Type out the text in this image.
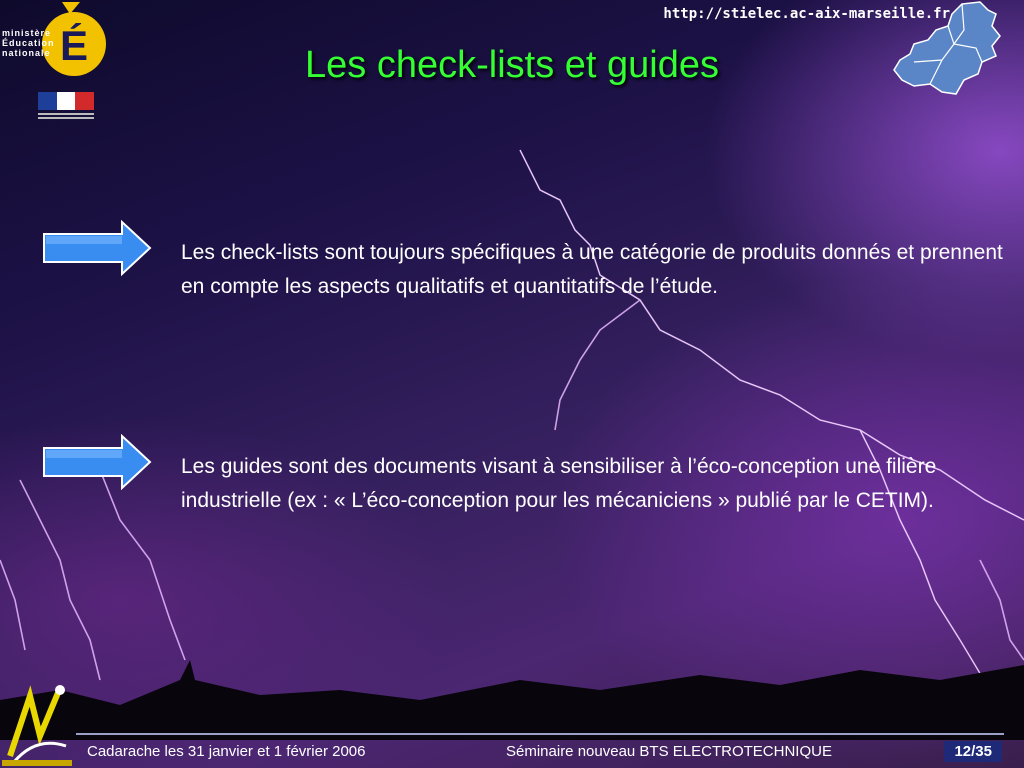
É
ministère
Éducation
nationale
http://stielec.ac-aix-marseille.fr
Les check-lists et guides
Les check-lists sont toujours spécifiques à une catégorie de produits donnés et prennent en compte les aspects qualitatifs et quantitatifs de l’étude.
Les guides sont des documents visant à sensibiliser à l’éco-conception une filière industrielle (ex : « L’éco-conception pour les mécaniciens » publié par le CETIM).
Cadarache les 31 janvier et 1 février 2006	Séminaire nouveau BTS ELECTROTECHNIQUE	12/35
